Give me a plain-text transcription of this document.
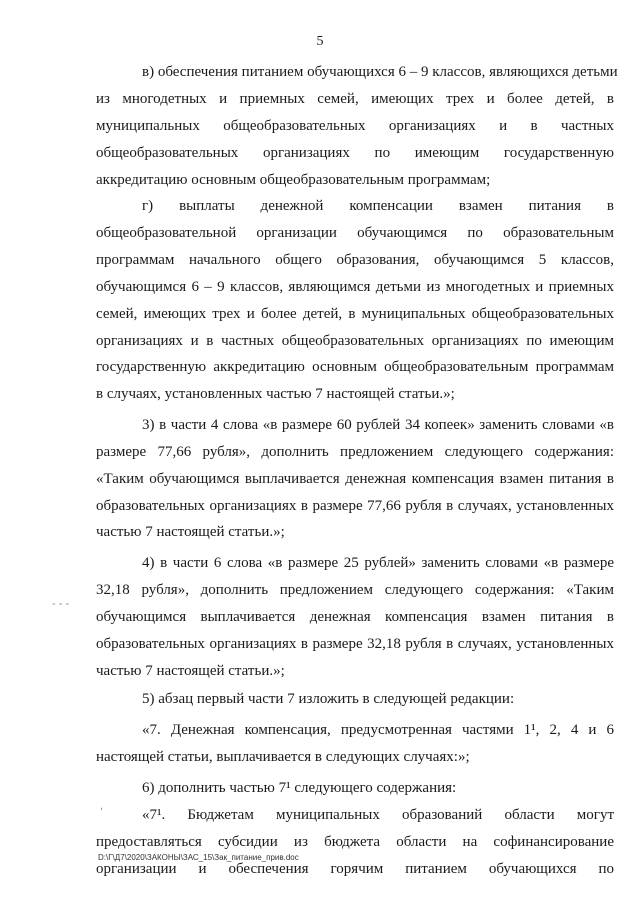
5
в) обеспечения питанием обучающихся 6 – 9 классов, являющихся детьми
из многодетных и приемных семей, имеющих трех и более детей, в
муниципальных общеобразовательных организациях и в частных
общеобразовательных организациях по имеющим государственную
аккредитацию основным общеобразовательным программам;
г) выплаты денежной компенсации взамен питания в
общеобразовательной организации обучающимся по образовательным
программам начального общего образования, обучающимся 5 классов,
обучающимся 6 – 9 классов, являющимся детьми из многодетных и приемных
семей, имеющих трех и более детей, в муниципальных общеобразовательных
организациях и в частных общеобразовательных организациях по имеющим
государственную аккредитацию основным общеобразовательным программам
в случаях, установленных частью 7 настоящей статьи.»;
3) в части 4 слова «в размере 60 рублей 34 копеек» заменить словами «в
размере 77,66 рубля», дополнить предложением следующего содержания:
«Таким обучающимся выплачивается денежная компенсация взамен питания в
образовательных организациях в размере 77,66 рубля в случаях, установленных
частью 7 настоящей статьи.»;
4) в части 6 слова «в размере 25 рублей» заменить словами «в размере
32,18 рубля», дополнить предложением следующего содержания: «Таким
обучающимся выплачивается денежная компенсация взамен питания в
образовательных организациях в размере 32,18 рубля в случаях, установленных
частью 7 настоящей статьи.»;
5) абзац первый части 7 изложить в следующей редакции:
«7. Денежная компенсация, предусмотренная частями 1¹, 2, 4 и 6
настоящей статьи, выплачивается в следующих случаях:»;
6) дополнить частью 7¹ следующего содержания:
«7¹. Бюджетам муниципальных образований области могут
предоставляться субсидии из бюджета области на софинансирование
организации и обеспечения горячим питанием обучающихся по
- - -
,
D:\Г\Д7\2020\ЗАКОНЫ\ЗАС_15\Зак_питание_прив.doc
